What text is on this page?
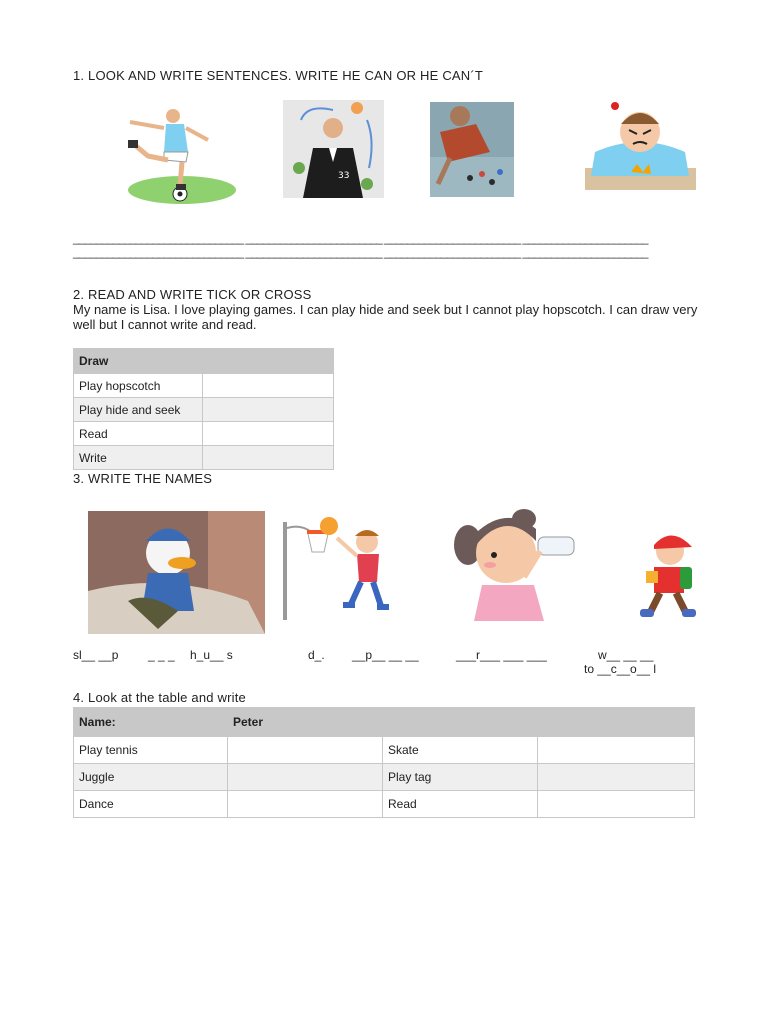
1. LOOK AND WRITE SENTENCES. WRITE HE CAN OR HE CAN´T
33
______________________________ ________________________ ________________________ ______________________
______________________________ ________________________ ________________________ ______________________
2. READ AND WRITE TICK OR CROSS
My name is Lisa. I love playing games. I can play hide and seek but I cannot play hopscotch. I can draw very well but I cannot write and read.
Draw	
Play hopscotch	
Play hide and seek	
Read	
Write	
3. WRITE THE NAMES
sl__ __p _ _ _ h_u__ s	d_. __p__ __ __	___r___ ___ ___	w__ __ __
to __c__o__ l
4. Look at the table and write
Name:	Peter		
Play tennis		Skate	
Juggle		Play tag	
Dance		Read	
